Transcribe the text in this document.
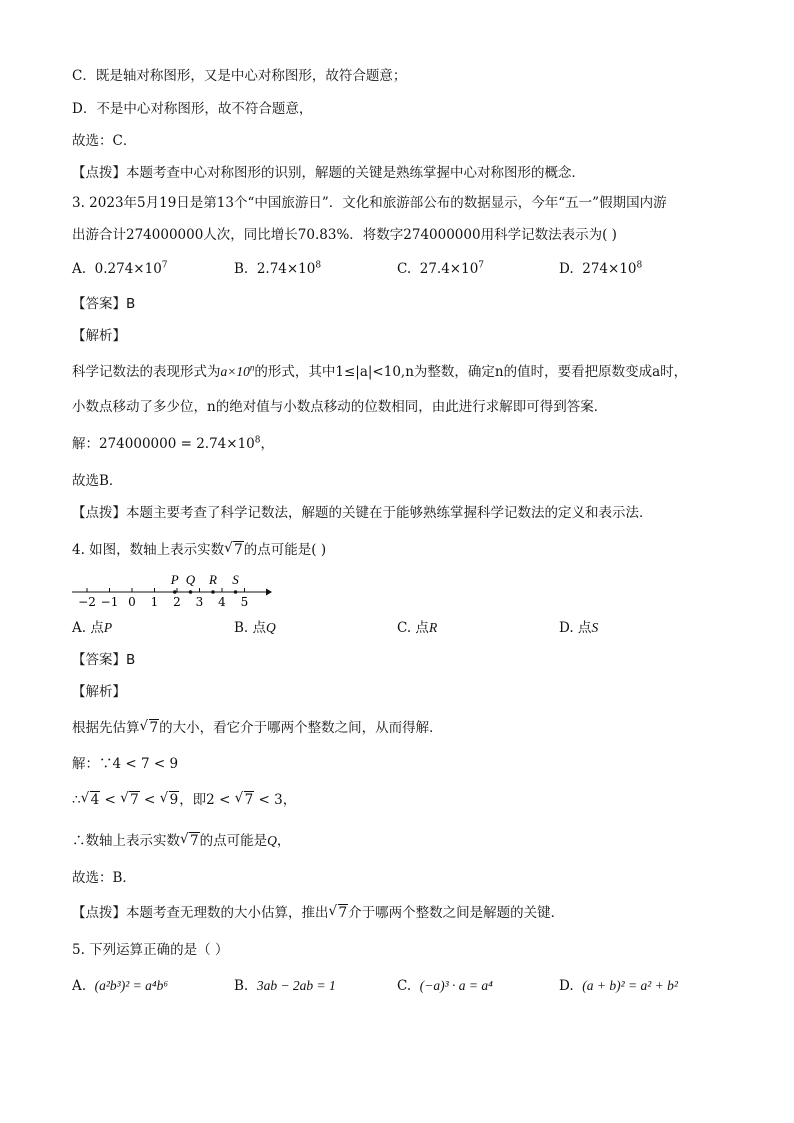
C．既是轴对称图形，又是中心对称图形，故符合题意；
D．不是中心对称图形，故不符合题意，
故选：C．
【点拨】本题考查中心对称图形的识别，解题的关键是熟练掌握中心对称图形的概念．
3. 2023年5月19日是第13个“中国旅游日”．文化和旅游部公布的数据显示，今年“五一”假期国内游
出游合计274000000人次，同比增长70.83%．将数字274000000用科学记数法表示为( )
A. $0.274\times 10^7$	B. $2.74\times 10^8$	C. $27.4\times 10^7$	D. $274\times 10^8$
【答案】B
【解析】
科学记数法的表现形式为$a\times 10^n$的形式，其中1≤|a|<10,n为整数，确定n的值时，要看把原数变成a时，
小数点移动了多少位，n的绝对值与小数点移动的位数相同，由此进行求解即可得到答案．
解：$274000000 = 2.74\times 10^8$，
故选B．
【点拨】本题主要考查了科学记数法，解题的关键在于能够熟练掌握科学记数法的定义和表示法．
4. 如图，数轴上表示实数 √ 7的点可能是( )
−2 −1 0 1 2 3 4 5
P Q R S
A. 点P	B. 点Q	C. 点R	D. 点S
【答案】B
【解析】
根据先估算 √ 7的大小，看它介于哪两个整数之间，从而得解．
解：∵4 < 7 < 9
∴ √ 4 < √ 7 < √ 9，即2 < √ 7 < 3，
∴数轴上表示实数 √ 7的点可能是Q，
故选：B．
【点拨】本题考查无理数的大小估算，推出 √ 7介于哪两个整数之间是解题的关键．
5. 下列运算正确的是（ ）
A. (a²b³)² = a⁴b⁶	B. 3ab − 2ab = 1	C. (−a)³ · a = a⁴	D. (a + b)² = a² + b²
